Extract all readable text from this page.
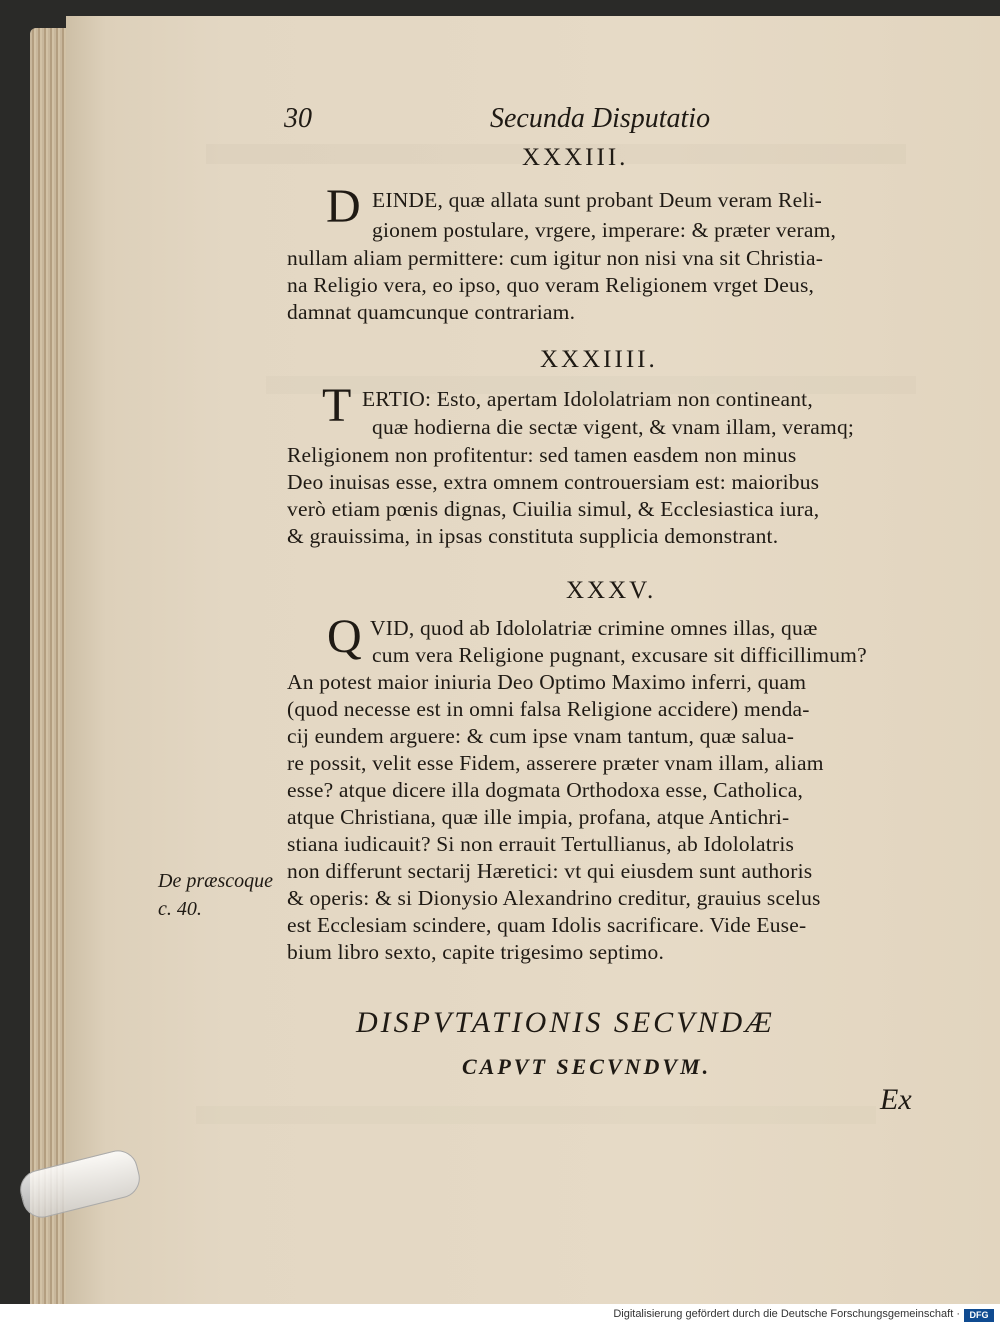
30	Secunda Disputatio
XXXIII.
D EINDE, quæ allata sunt probant Deum veram Reli-
gionem postulare, vrgere, imperare: & præter veram,
nullam aliam permittere: cum igitur non nisi vna sit Christia-
na Religio vera, eo ipso, quo veram Religionem vrget Deus,
damnat quamcunque contrariam.
XXXIIII.
T ERTIO: Esto, apertam Idololatriam non contineant,
quæ hodierna die sectæ vigent, & vnam illam, veramq;
Religionem non profitentur: sed tamen easdem non minus
Deo inuisas esse, extra omnem controuersiam est: maioribus
verò etiam pœnis dignas, Ciuilia simul, & Ecclesiastica iura,
& grauissima, in ipsas constituta supplicia demonstrant.
XXXV.
Q VID, quod ab Idololatriæ crimine omnes illas, quæ
cum vera Religione pugnant, excusare sit difficillimum?
An potest maior iniuria Deo Optimo Maximo inferri, quam
(quod necesse est in omni falsa Religione accidere) menda-
cij eundem arguere: & cum ipse vnam tantum, quæ salua-
re possit, velit esse Fidem, asserere præter vnam illam, aliam
esse? atque dicere illa dogmata Orthodoxa esse, Catholica,
atque Christiana, quæ ille impia, profana, atque Antichri-
stiana iudicauit? Si non errauit Tertullianus, ab Idololatris
non differunt sectarij Hæretici: vt qui eiusdem sunt authoris
& operis: & si Dionysio Alexandrino creditur, grauius scelus
est Ecclesiam scindere, quam Idolis sacrificare. Vide Euse-
bium libro sexto, capite trigesimo septimo.
De præscoque
c. 40.
DISPVTATIONIS SECVNDÆ
CAPVT SECVNDVM.
Ex
Digitalisierung gefördert durch die Deutsche Forschungsgemeinschaft ·	DFG
